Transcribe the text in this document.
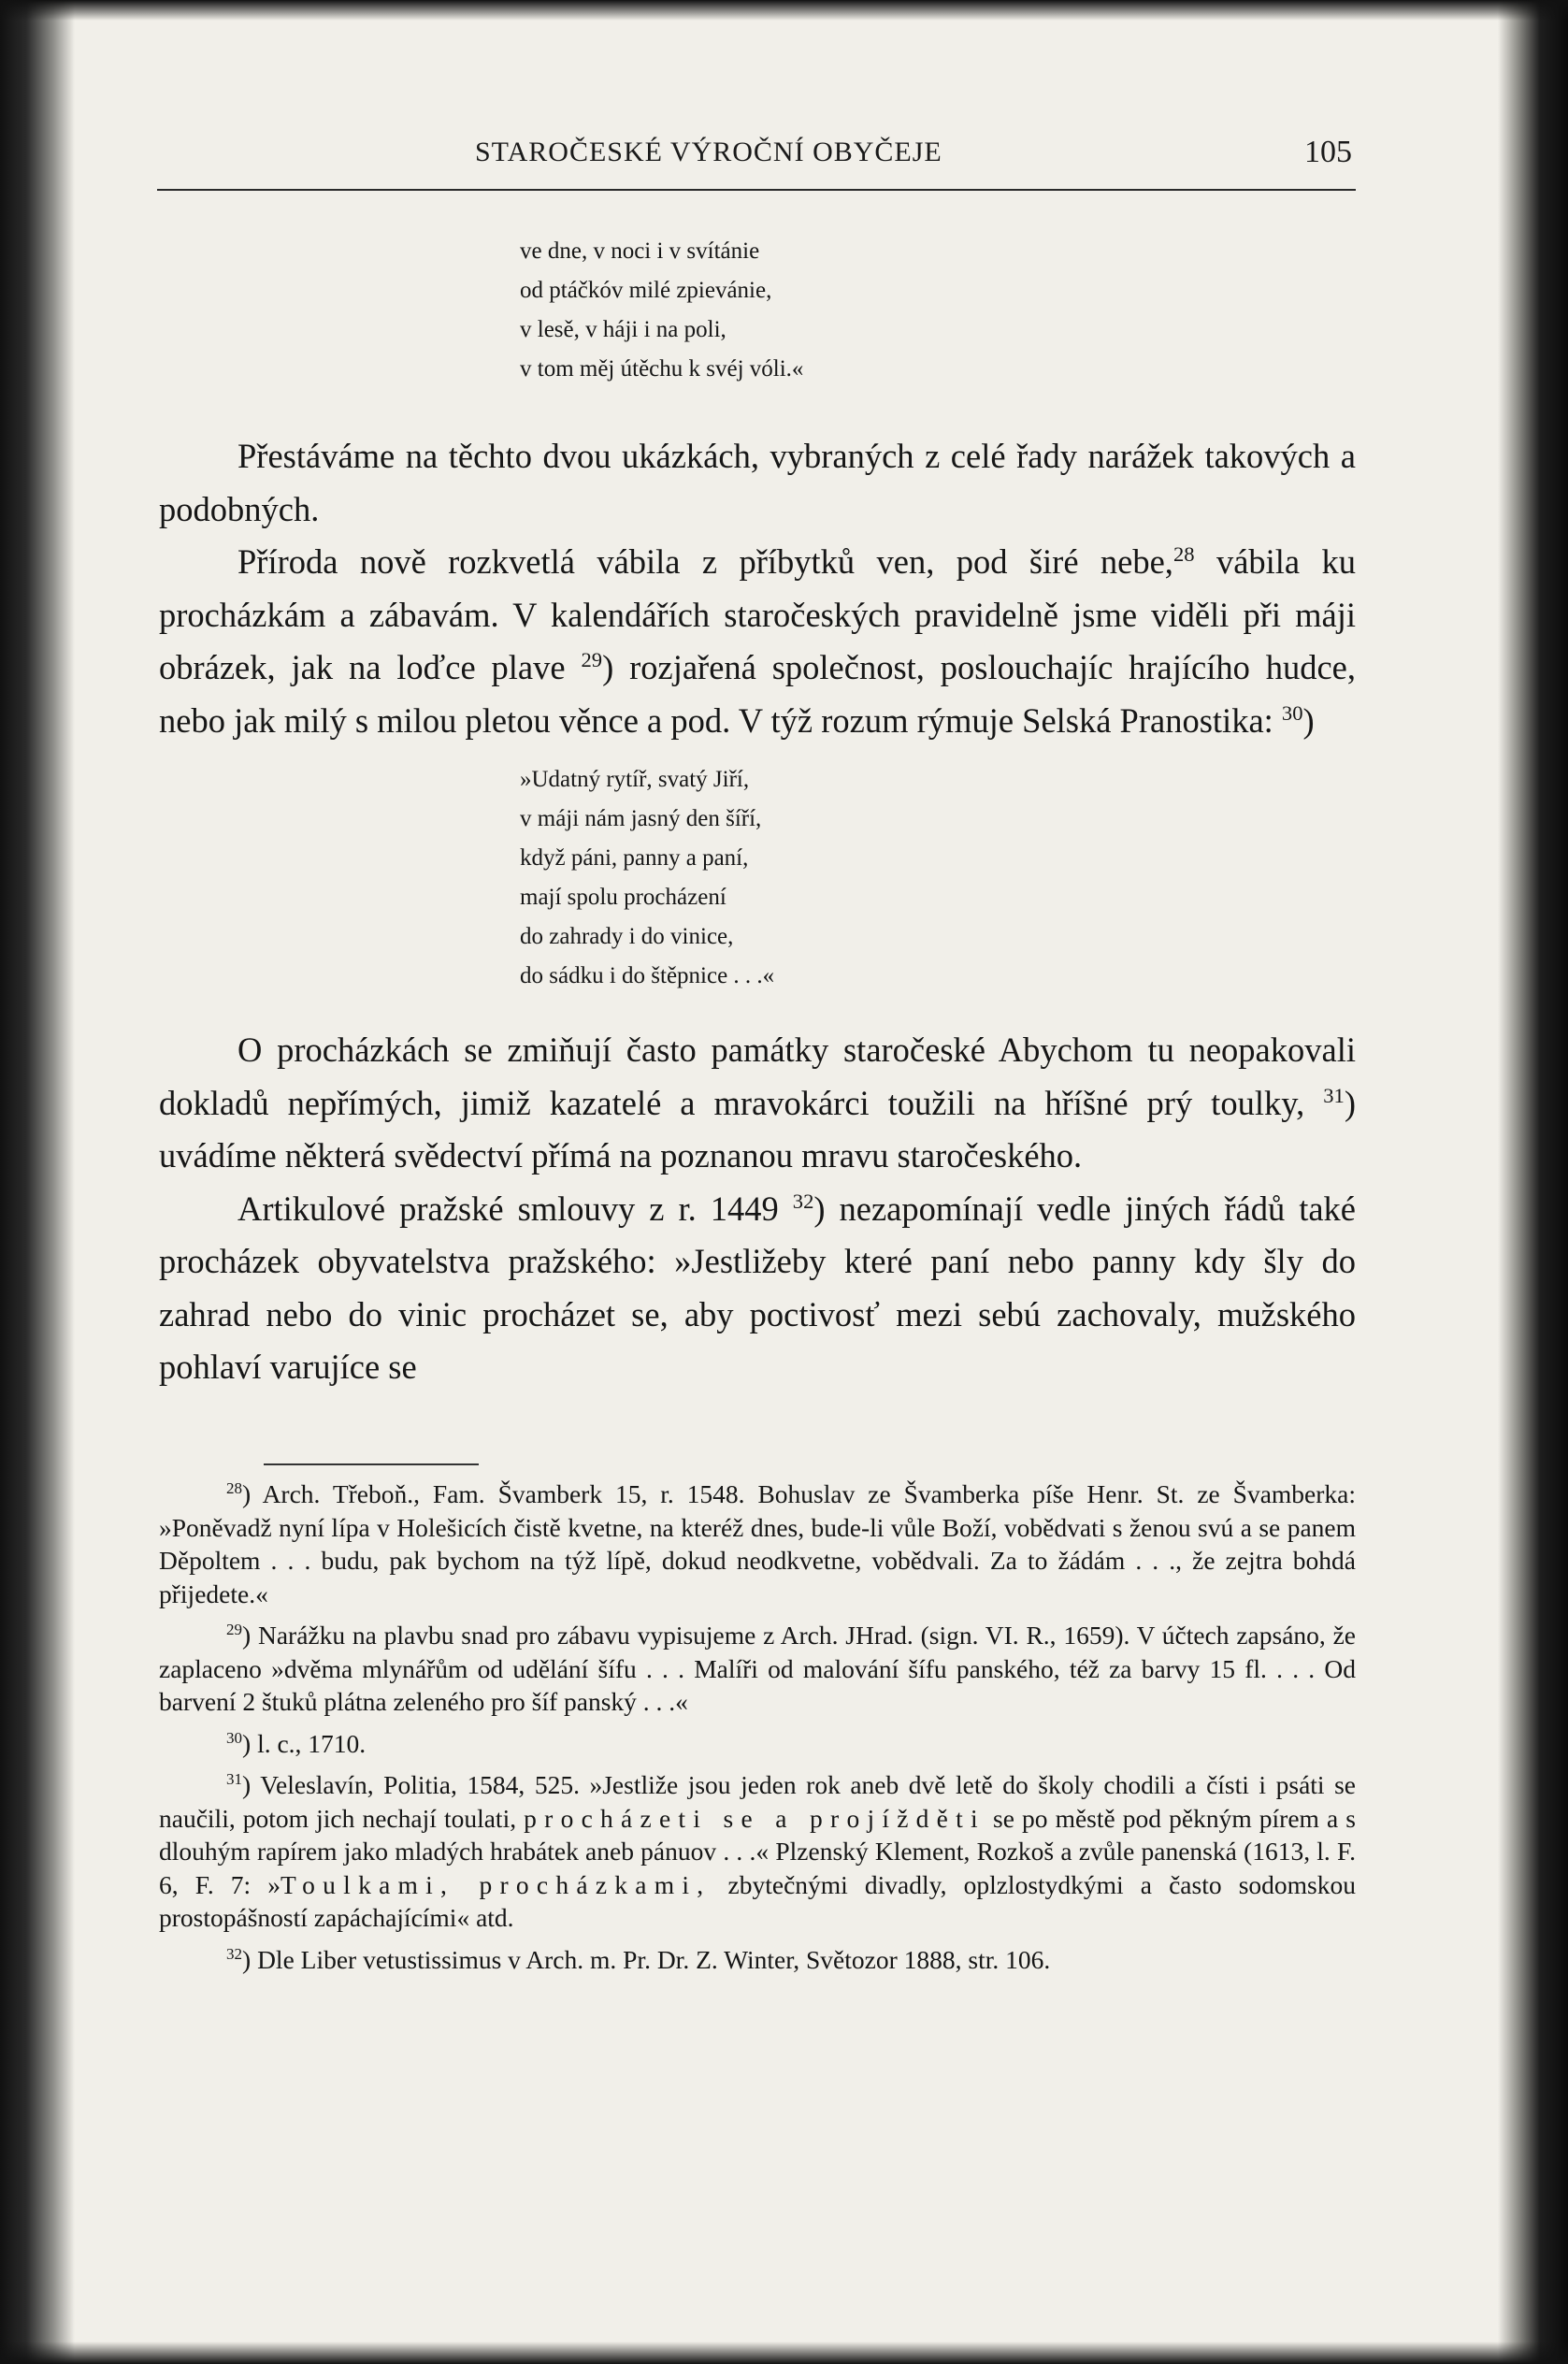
STAROČESKÉ VÝROČNÍ OBYČEJE	105
ve dne, v noci i v svítánie
od ptáčkóv milé zpievánie,
v lesě, v háji i na poli,
v tom měj útěchu k svéj vóli.«

Přestáváme na těchto dvou ukázkách, vybraných z celé řady narážek takových a podobných.

Příroda nově rozkvetlá vábila z příbytků ven, pod širé nebe,$^{28}$ vábila ku procházkám a zábavám. V kalendářích staročeských pravidelně jsme viděli při máji obrázek, jak na loďce plave $^{29}$) rozjařená společnost, poslouchajíc hrajícího hudce, nebo jak milý s milou pletou věnce a pod. V týž rozum rýmuje Selská Pranostika: $^{30}$)

»Udatný rytíř, svatý Jiří,
v máji nám jasný den šíří,
když páni, panny a paní,
mají spolu procházení
do zahrady i do vinice,
do sádku i do štěpnice . . .«

O procházkách se zmiňují často památky staročeské Abychom tu neopakovali dokladů nepřímých, jimiž kazatelé a mravokárci toužili na hříšné prý toulky, $^{31}$) uvádíme některá svědectví přímá na poznanou mravu staročeského.

Artikulové pražské smlouvy z r. 1449 $^{32}$) nezapomínají vedle jiných řádů také procházek obyvatelstva pražského: »Jestližeby které paní nebo panny kdy šly do zahrad nebo do vinic procházet se, aby poctivosť mezi sebú zachovaly, mužského pohlaví varujíce se

$^{28}$) Arch. Třeboň., Fam. Švamberk 15, r. 1548. Bohuslav ze Švamberka píše Henr. St. ze Švamberka: »Poněvadž nyní lípa v Holešicích čistě kvetne, na kteréž dnes, bude-li vůle Boží, vobědvati s ženou svú a se panem Děpoltem . . . budu, pak bychom na týž lípě, dokud neodkvetne, vobědvali. Za to žádám . . ., že zejtra bohdá přijedete.«

$^{29}$) Narážku na plavbu snad pro zábavu vypisujeme z Arch. JHrad. (sign. VI. R., 1659). V účtech zapsáno, že zaplaceno »dvěma mlynářům od udělání šífu . . . Malíři od malování šífu panského, též za barvy 15 fl. . . . Od barvení 2 štuků plátna zeleného pro šíf panský . . .«

$^{30}$) l. c., 1710.

$^{31}$) Veleslavín, Politia, 1584, 525. »Jestliže jsou jeden rok aneb dvě letě do školy chodili a čísti i psáti se naučili, potom jich nechají toulati, procházeti se a projížděti se po městě pod pěkným pírem a s dlouhým rapírem jako mladých hrabátek aneb pánuov . . .« Plzenský Klement, Rozkoš a zvůle panenská (1613, l. F. 6, F. 7: »Toulkami, procházkami, zbytečnými divadly, oplzlostydkými a často sodomskou prostopášností zapáchajícími« atd.

$^{32}$) Dle Liber vetustissimus v Arch. m. Pr. Dr. Z. Winter, Světozor 1888, str. 106.
